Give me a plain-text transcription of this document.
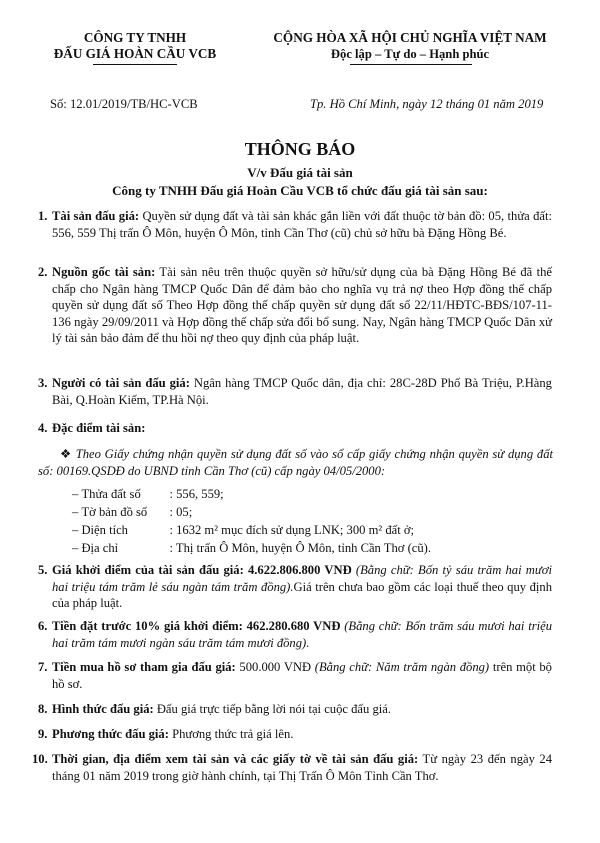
CÔNG TY TNHH
ĐẤU GIÁ HOÀN CẦU VCB
CỘNG HÒA XÃ HỘI CHỦ NGHĨA VIỆT NAM
Độc lập – Tự do – Hạnh phúc
Số: 12.01/2019/TB/HC-VCB	Tp. Hồ Chí Minh, ngày 12 tháng 01 năm 2019
THÔNG BÁO
V/v Đấu giá tài sản
Công ty TNHH Đấu giá Hoàn Cầu VCB tổ chức đấu giá tài sản sau:
1. Tài sản đấu giá: Quyền sử dụng đất và tài sản khác gắn liền với đất thuộc tờ bản đồ: 05, thửa đất: 556, 559 Thị trấn Ô Môn, huyện Ô Môn, tỉnh Cần Thơ (cũ) chủ sở hữu bà Đặng Hồng Bé.
2. Nguồn gốc tài sản: Tài sản nêu trên thuộc quyền sở hữu/sử dụng của bà Đặng Hồng Bé đã thế chấp cho Ngân hàng TMCP Quốc Dân để đảm bảo cho nghĩa vụ trả nợ theo Hợp đồng thế chấp quyền sử dụng đất số Theo Hợp đồng thế chấp quyền sử dụng đất số 22/11/HĐTC-BĐS/107-11-136 ngày 29/09/2011 và Hợp đồng thế chấp sửa đổi bổ sung. Nay, Ngân hàng TMCP Quốc Dân xử lý tài sản bảo đảm để thu hồi nợ theo quy định của pháp luật.
3. Người có tài sản đấu giá: Ngân hàng TMCP Quốc dân, địa chỉ: 28C-28D Phố Bà Triệu, P.Hàng Bài, Q.Hoàn Kiếm, TP.Hà Nội.
4. Đặc điểm tài sản:
❖ Theo Giấy chứng nhận quyền sử dụng đất số vào sổ cấp giấy chứng nhận quyền sử dụng đất số: 00169.QSDĐ do UBND tỉnh Cần Thơ (cũ) cấp ngày 04/05/2000:
– Thửa đất số : 556, 559;
– Tờ bản đồ số : 05;
– Diện tích	: 1632 m² mục đích sử dụng LNK; 300 m² đất ở;
– Địa chỉ	: Thị trấn Ô Môn, huyện Ô Môn, tỉnh Cần Thơ (cũ).
5. Giá khởi điểm của tài sản đấu giá: 4.622.806.800 VNĐ (Bằng chữ: Bốn tỷ sáu trăm hai mươi hai triệu tám trăm lẻ sáu ngàn tám trăm đồng).Giá trên chưa bao gồm các loại thuế theo quy định của pháp luật.
6. Tiền đặt trước 10% giá khởi điểm: 462.280.680 VNĐ (Bằng chữ: Bốn trăm sáu mươi hai triệu hai trăm tám mươi ngàn sáu trăm tám mươi đồng).
7. Tiền mua hồ sơ tham gia đấu giá: 500.000 VNĐ (Bằng chữ: Năm trăm ngàn đồng) trên một bộ hồ sơ.
8. Hình thức đấu giá: Đấu giá trực tiếp bằng lời nói tại cuộc đấu giá.
9. Phương thức đấu giá: Phương thức trả giá lên.
10. Thời gian, địa điểm xem tài sản và các giấy tờ về tài sản đấu giá: Từ ngày 23 đến ngày 24 tháng 01 năm 2019 trong giờ hành chính, tại Thị Trấn Ô Môn Tỉnh Cần Thơ.
